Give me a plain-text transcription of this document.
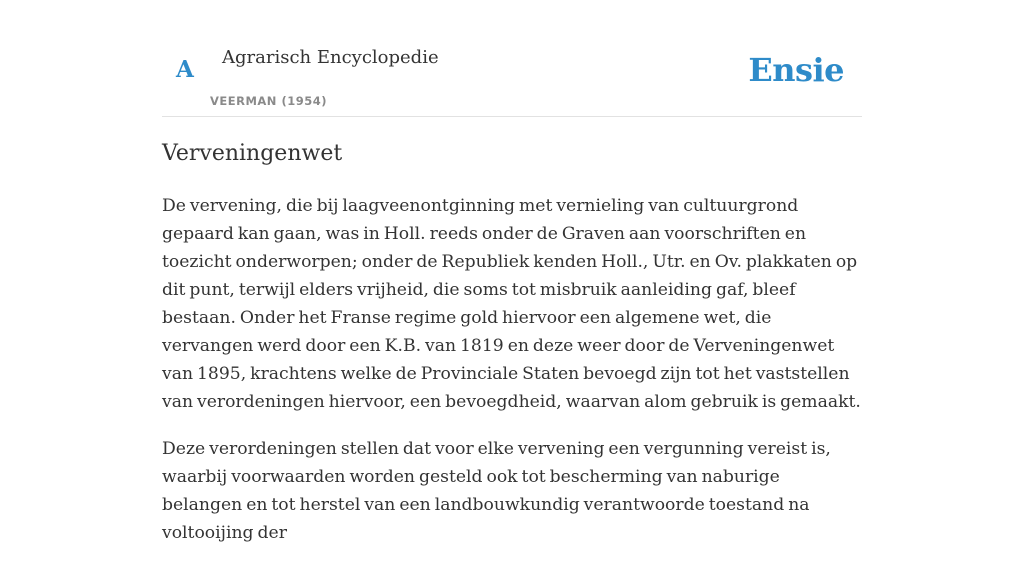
A Agrarisch Encyclopedie
VEERMAN (1954)
Ensie
Verveningenwet

De vervening, die bij laagveenontginning met vernieling van cultuurgrond gepaard kan gaan, was in Holl. reeds onder de Graven aan voorschriften en toezicht onderworpen; onder de Republiek kenden Holl., Utr. en Ov. plakkaten op dit punt, terwijl elders vrijheid, die soms tot misbruik aanleiding gaf, bleef bestaan. Onder het Franse regime gold hiervoor een algemene wet, die vervangen werd door een K.B. van 1819 en deze weer door de Verveningenwet van 1895, krachtens welke de Provinciale Staten bevoegd zijn tot het vaststellen van verordeningen hiervoor, een bevoegdheid, waarvan alom gebruik is gemaakt.

Deze verordeningen stellen dat voor elke vervening een vergunning vereist is, waarbij voorwaarden worden gesteld ook tot bescherming van naburige belangen en tot herstel van een landbouwkundig verantwoorde toestand na voltooijing der
